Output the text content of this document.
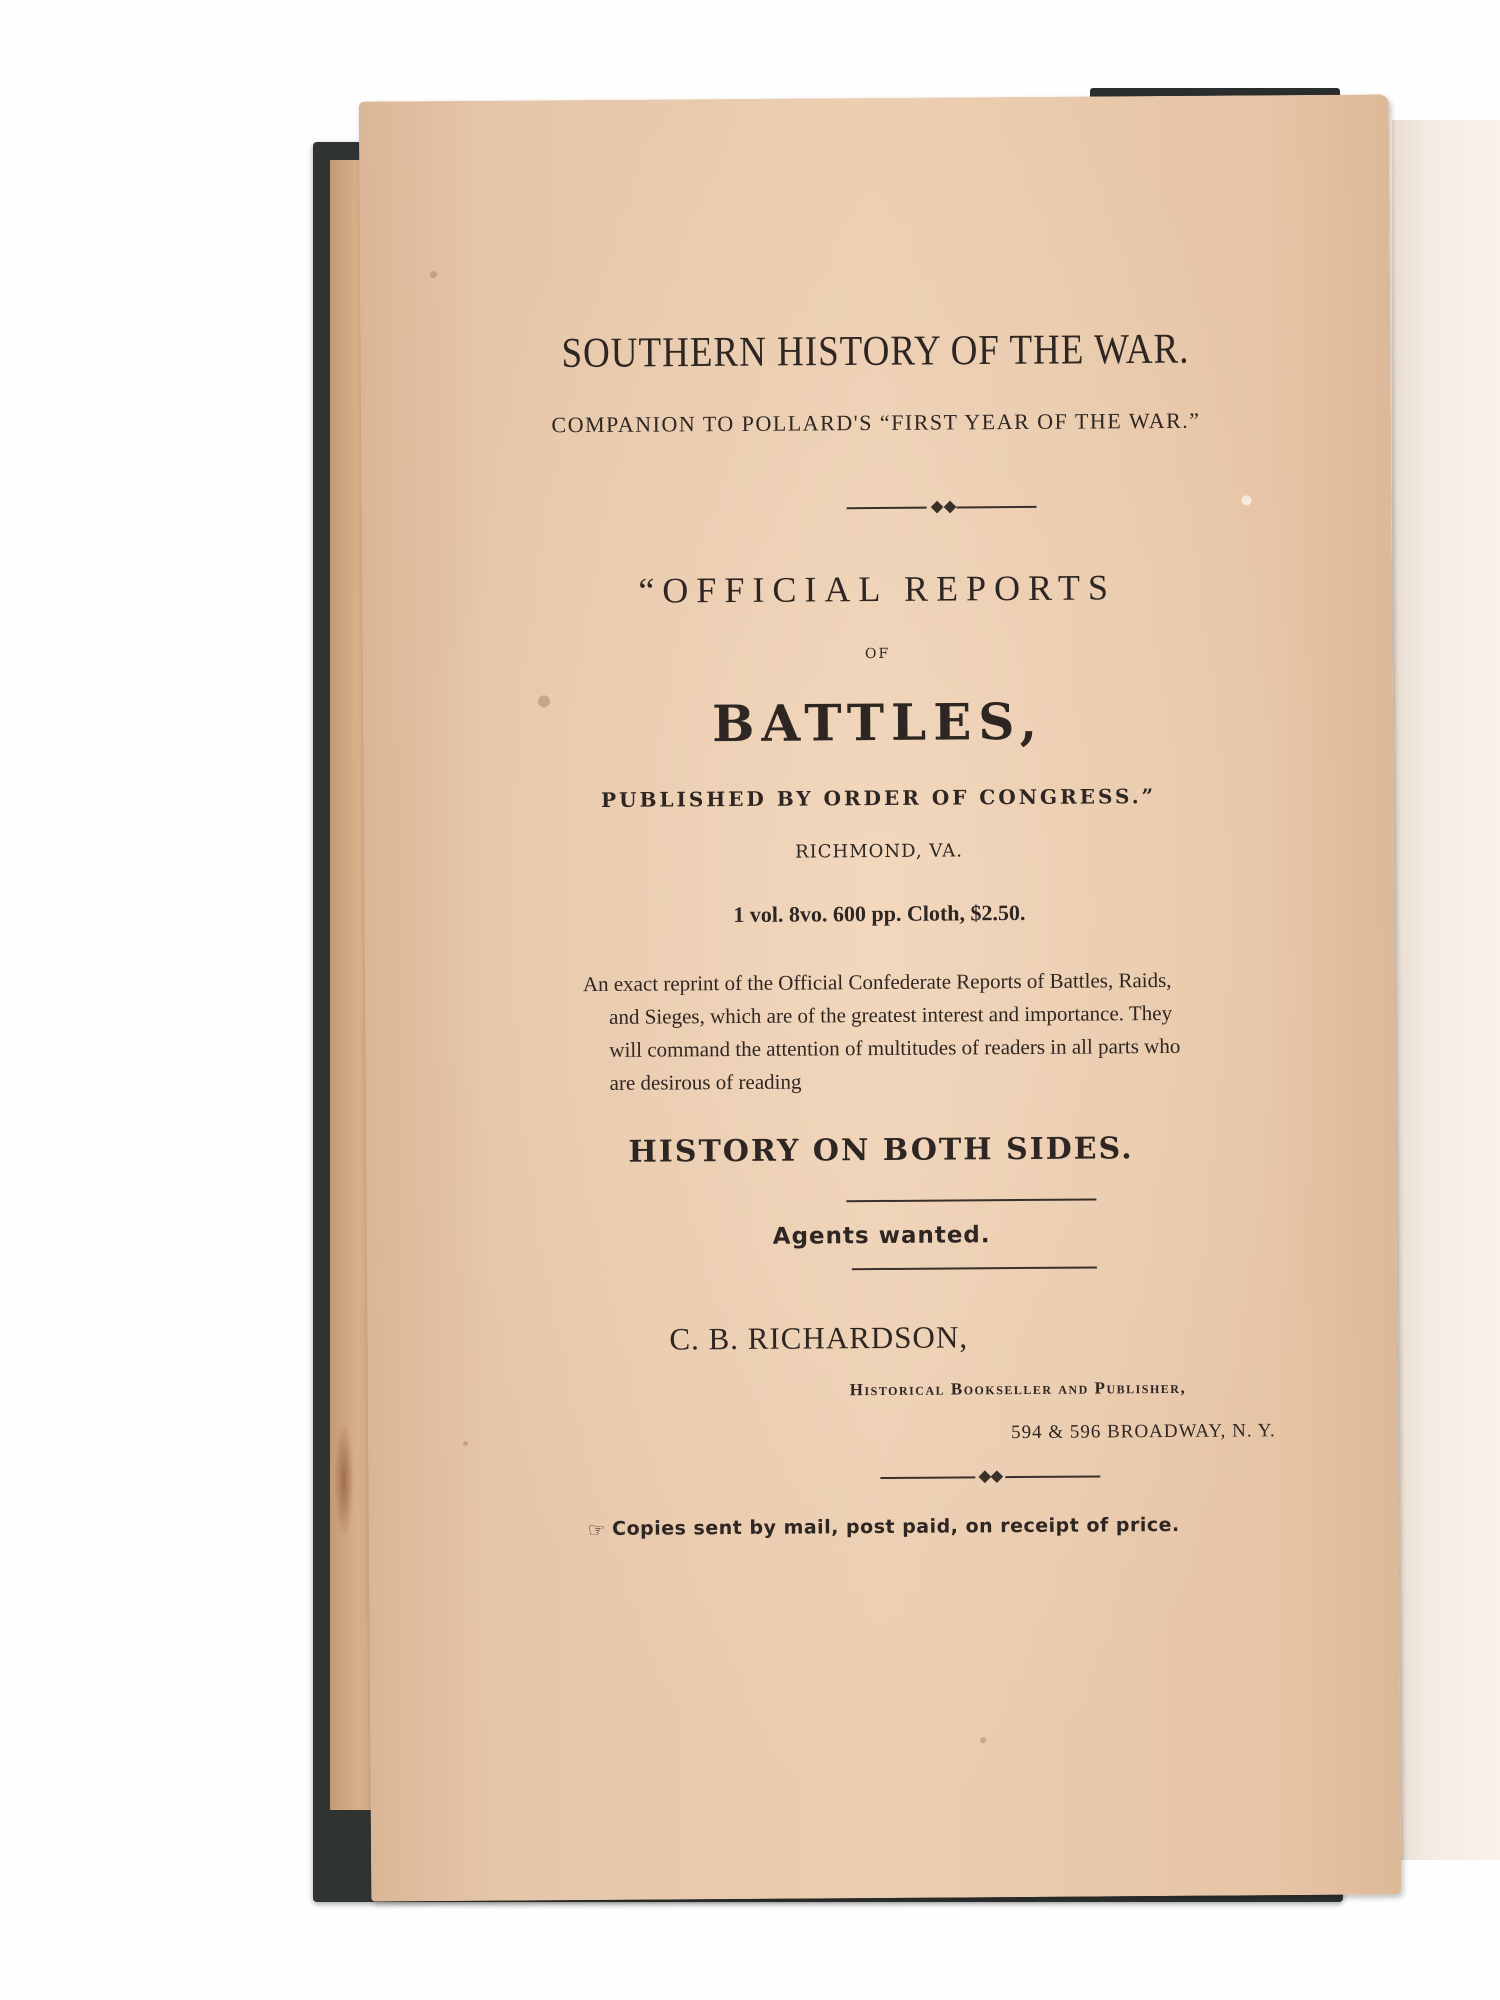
SOUTHERN HISTORY OF THE WAR.
COMPANION TO POLLARD'S “FIRST YEAR OF THE WAR.”
“OFFICIAL REPORTS
OF
BATTLES,
PUBLISHED BY ORDER OF CONGRESS.”
RICHMOND, VA.
1 vol. 8vo. 600 pp. Cloth, $2.50.
An exact reprint of the Official Confederate Reports of Battles, Raids,
and Sieges, which are of the greatest interest and importance. They
will command the attention of multitudes of readers in all parts who
are desirous of reading
HISTORY ON BOTH SIDES.
Agents wanted.
C. B. RICHARDSON,
Historical Bookseller and Publisher,
594 & 596 BROADWAY, N. Y.
☞ Copies sent by mail, post paid, on receipt of price.
